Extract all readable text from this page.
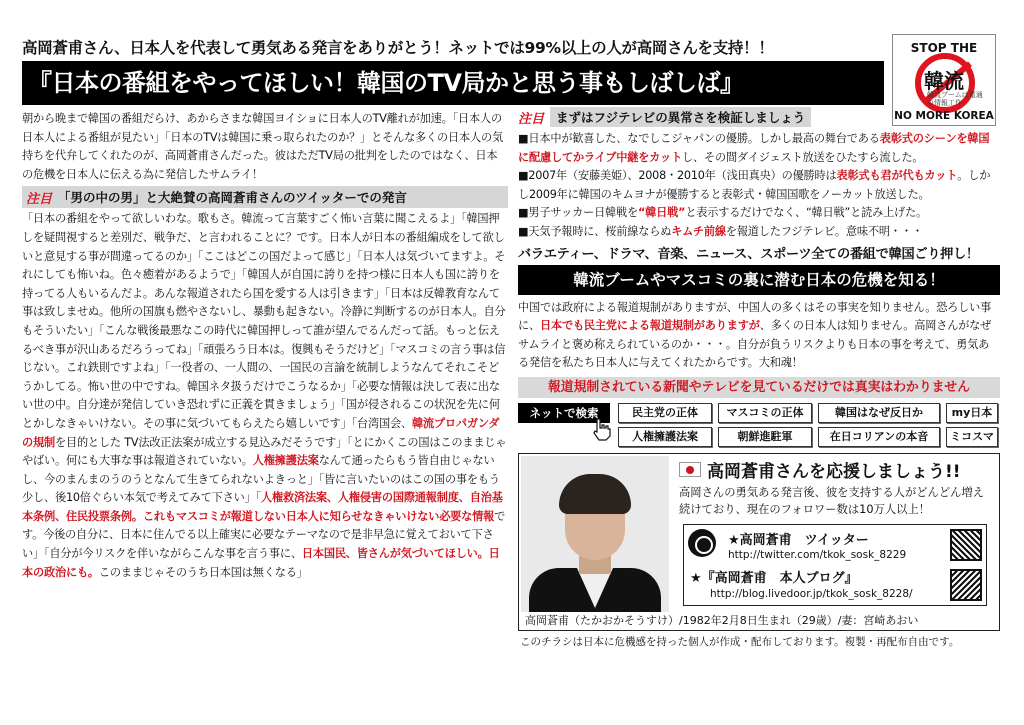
高岡蒼甫さん、日本人を代表して勇気ある発言をありがとう！ネットでは99%以上の人が高岡さんを支持！！	STOP THE
韓流
韓流ブームは電通の情報工作
NO MORE KOREA
『日本の番組をやってほしい！韓国のTV局かと思う事もしばしば』
朝から晩まで韓国の番組だらけ、あからさまな韓国ヨイショに日本人のTV離れが加速。「日本人の日本人による番組が見たい」「日本のTVは韓国に乗っ取られたのか？」とそんな多くの日本人の気持ちを代弁してくれたのが、高岡蒼甫さんだった。彼はただTV局の批判をしたのではなく、日本の危機を日本人に伝える為に発信したサムライ！
注目 「男の中の男」と大絶賛の高岡蒼甫さんのツイッターでの発言
「日本の番組をやって欲しいわな。歌もさ。韓流って言葉すごく怖い言葉に聞こえるよ」「韓国押しを疑問視すると差別だ、戦争だ、と言われることに？です。日本人が日本の番組編成をして欲しいと意見する事が間違ってるのか」「ここはどこの国だよって感じ」「日本人は気づいてますよ。それにしても怖いね。色々癒着があるようで」「韓国人が自国に誇りを持つ様に日本人も国に誇りを持ってる人もいるんだよ。あんな報道されたら国を愛する人は引きます」「日本は反韓教育なんて事は致しませぬ。他所の国旗も燃やさないし、暴動も起きない。冷静に判断するのが日本人。自分もそういたい」「こんな戦後最悪なこの時代に韓国押しって誰が望んでるんだって話。もっと伝えるべき事が沢山あるだろうってね」「頑張ろう日本は。復興もそうだけど」「マスコミの言う事は信じない。これ鉄則ですよね」「一役者の、一人間の、一国民の言論を統制しようなんてそれこそどうかしてる。怖い世の中ですね。韓国ネタ扱うだけでこうなるか」「必要な情報は決して表に出ない世の中。自分達が発信していき恐れずに正義を貫きましょう」「国が侵されるこの状況を先に何とかしなきゃいけない。その事に気づいてもらえたら嬉しいです」「台湾国会、韓流プロパガンダの規制を目的とした TV法改正法案が成立する見込みだそうです」「とにかくこの国はこのままじゃやばい。何にも大事な事は報道されていない。人権擁護法案なんて通ったらもう皆自由じゃないし、今のまんまのうのうとなんて生きてられないよきっと」「皆に言いたいのはこの国の事をもう少し、後10倍ぐらい本気で考えてみて下さい」「人権救済法案、人権侵害の国際通報制度、自治基本条例、住民投票条例。これもマスコミが報道しない日本人に知らせなきゃいけない必要な情報です。今後の自分に、日本に住んでる以上確実に必要なテーマなので是非早急に覚えておいて下さい」「自分が今リスクを伴いながらこんな事を言う事に、日本国民、皆さんが気づいてほしい。日本の政治にも。このままじゃそのうち日本国は無くなる」
注目 まずはフジテレビの異常さを検証しましょう
■日本中が歓喜した、なでしこジャパンの優勝。しかし最高の舞台である表彰式のシーンを韓国に配慮してかライブ中継をカットし、その間ダイジェスト放送をひたすら流した。
■2007年（安藤美姫）、2008・2010年（浅田真央）の優勝時は表彰式も君が代もカット。しかし2009年に韓国のキムヨナが優勝すると表彰式・韓国国歌をノーカット放送した。
■男子サッカー日韓戦を“韓日戦”と表示するだけでなく、“韓日戦”と読み上げた。
■天気予報時に、桜前線ならぬキムチ前線を報道したフジテレビ。意味不明・・・
バラエティー、ドラマ、音楽、ニュース、スポーツ全ての番組で韓国ごり押し！
韓流ブームやマスコミの裏に潜む日本の危機を知る！
中国では政府による報道規制がありますが、中国人の多くはその事実を知りません。恐ろしい事に、日本でも民主党による報道規制がありますが、多くの日本人は知りません。高岡さんがなぜサムライと褒め称えられているのか・・・。自分が負うリスクよりも日本の事を考えて、勇気ある発信を私たち日本人に与えてくれたからです。大和魂！
報道規制されている新聞やテレビを見ているだけでは真実はわかりません
ネットで検索	民主党の正体	マスコミの正体	韓国はなぜ反日か	my日本
人権擁護法案	朝鮮進駐軍	在日コリアンの本音	ミコスマ
高岡蒼甫さんを応援しましょう!!
高岡さんの勇気ある発言後、彼を支持する人がどんどん増え続けており、現在のフォロワー数は10万人以上！
★高岡蒼甫　ツイッター
http://twitter.com/tkok_sosk_8229
★『高岡蒼甫　本人ブログ』
http://blog.livedoor.jp/tkok_sosk_8228/
高岡蒼甫（たかおかそうすけ）/1982年2月8日生まれ（29歳）/妻：宮崎あおい
このチラシは日本に危機感を持った個人が作成・配布しております。複製・再配布自由です。
